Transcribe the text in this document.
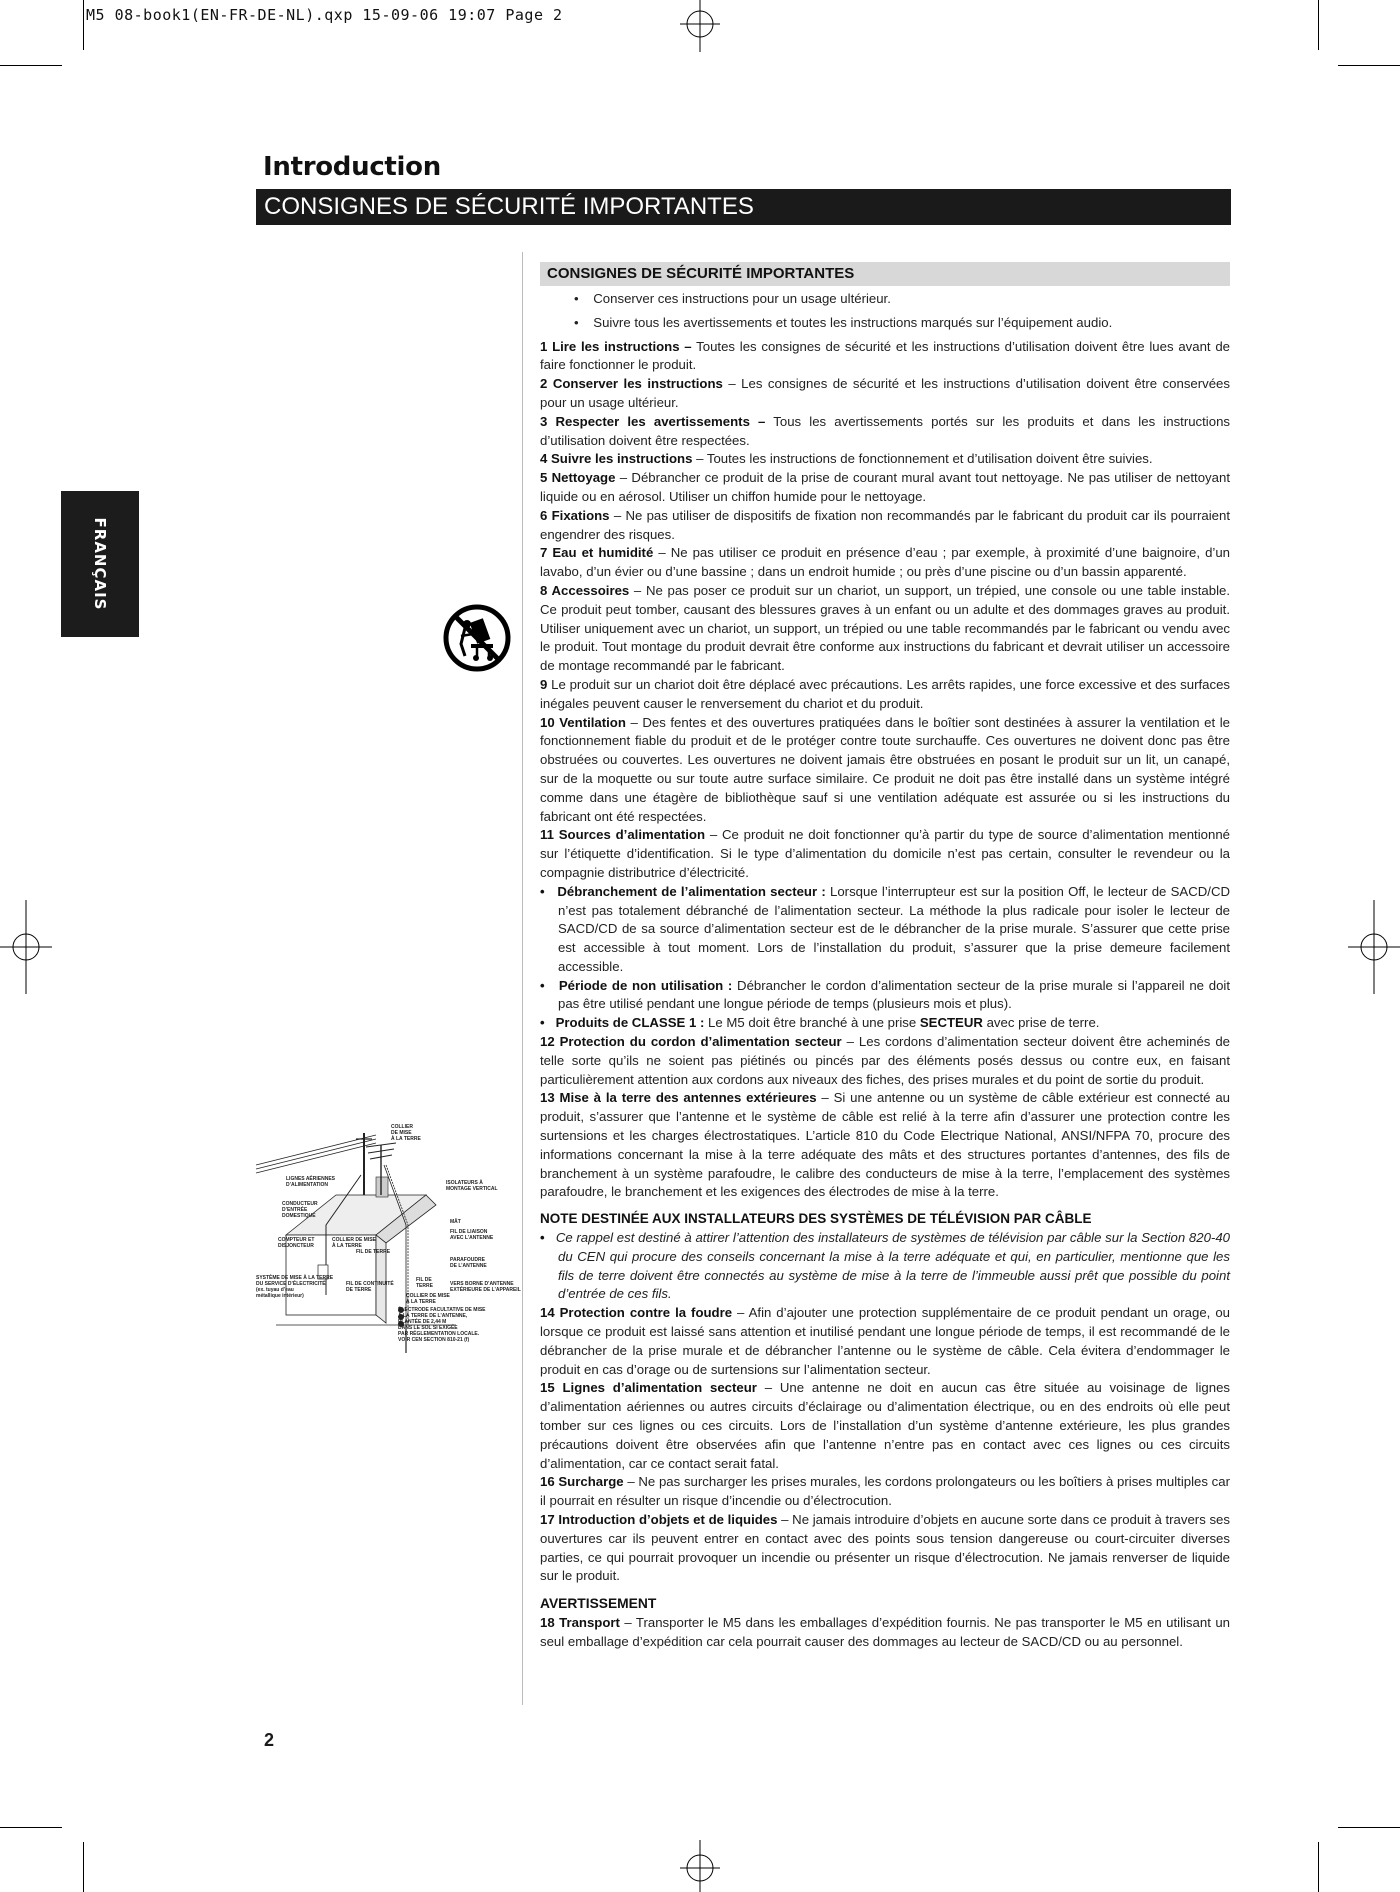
M5 08-book1(EN-FR-DE-NL).qxp 15-09-06 19:07 Page 2
Introduction
CONSIGNES DE SÉCURITÉ IMPORTANTES
FRANÇAIS
COLLIER
DE MISE
À LA TERRE
LIGNES AÉRIENNES
D’ALIMENTATION	ISOLATEURS À
MONTAGE VERTICAL
CONDUCTEUR
D’ENTRÉE
DOMESTIQUE
MÂT
FIL DE LIAISON
AVEC L’ANTENNE
COMPTEUR ET
DISJONCTEUR
COLLIER DE MISE
À LA TERRE
FIL DE TERRE
PARAFOUDRE
DE L’ANTENNE
SYSTÈME DE MISE À LA TERRE
DU SERVICE D’ÉLECTRICITÉ
(ex. tuyau d’eau
métallique intérieur)
FIL DE CONTINUITÉ
DE TERRE
FIL DE
TERRE	VERS BORNE D’ANTENNE
EXTÉRIEURE DE L’APPAREIL
COLLIER DE MISE
À LA TERRE
ÉLECTRODE FACULTATIVE DE MISE
À LA TERRE DE L’ANTENNE,
PLANTÉE DE 2,44 M
DANS LE SOL SI EXIGÉE
PAR RÉGLEMENTATION LOCALE.
VOIR CEN SECTION 810-21 (f)
CONSIGNES DE SÉCURITÉ IMPORTANTES

•    Conserver ces instructions pour un usage ultérieur.

•    Suivre tous les avertissements et toutes les instructions marqués sur l’équipement audio.

1 Lire les instructions – Toutes les consignes de sécurité et les instructions d’utilisation doivent être lues avant de faire fonctionner le produit.

2 Conserver les instructions – Les consignes de sécurité et les instructions d’utilisation doivent être conservées pour un usage ultérieur.

3 Respecter les avertissements – Tous les avertissements portés sur les produits et dans les instructions d’utilisation doivent être respectées.

4 Suivre les instructions – Toutes les instructions de fonctionnement et d’utilisation doivent être suivies.

5 Nettoyage – Débrancher ce produit de la prise de courant mural avant tout nettoyage. Ne pas utiliser de nettoyant liquide ou en aérosol. Utiliser un chiffon humide pour le nettoyage.

6 Fixations – Ne pas utiliser de dispositifs de fixation non recommandés par le fabricant du produit car ils pourraient engendrer des risques.

7 Eau et humidité – Ne pas utiliser ce produit en présence d’eau ; par exemple, à proximité d’une baignoire, d’un lavabo, d’un évier ou d’une bassine ; dans un endroit humide ; ou près d’une piscine ou d’un bassin apparenté.

8 Accessoires – Ne pas poser ce produit sur un chariot, un support, un trépied, une console ou une table instable. Ce produit peut tomber, causant des blessures graves à un enfant ou un adulte et des dommages graves au produit. Utiliser uniquement avec un chariot, un support, un trépied ou une table recommandés par le fabricant ou vendu avec le produit. Tout montage du produit devrait être conforme aux instructions du fabricant et devrait utiliser un accessoire de montage recommandé par le fabricant.

9 Le produit sur un chariot doit être déplacé avec précautions. Les arrêts rapides, une force excessive et des surfaces inégales peuvent causer le renversement du chariot et du produit.

10 Ventilation – Des fentes et des ouvertures pratiquées dans le boîtier sont destinées à assurer la ventilation et le fonctionnement fiable du produit et de le protéger contre toute surchauffe. Ces ouvertures ne doivent donc pas être obstruées ou couvertes. Les ouvertures ne doivent jamais être obstruées en posant le produit sur un lit, un canapé, sur de la moquette ou sur toute autre surface similaire. Ce produit ne doit pas être installé dans un système intégré comme dans une étagère de bibliothèque sauf si une ventilation adéquate est assurée ou si les instructions du fabricant ont été respectées.

11 Sources d’alimentation – Ce produit ne doit fonctionner qu’à partir du type de source d’alimentation mentionné sur l’étiquette d’identification. Si le type d’alimentation du domicile n’est pas certain, consulter le revendeur ou la compagnie distributrice d’électricité.

•   Débranchement de l’alimentation secteur : Lorsque l’interrupteur est sur la position Off, le lecteur de SACD/CD n’est pas totalement débranché de l’alimentation secteur. La méthode la plus radicale pour isoler le lecteur de SACD/CD de sa source d’alimentation secteur est de le débrancher de la prise murale. S’assurer que cette prise est accessible à tout moment. Lors de l’installation du produit, s’assurer que la prise demeure facilement accessible.

•   Période de non utilisation : Débrancher le cordon d’alimentation secteur de la prise murale si l’appareil ne doit pas être utilisé pendant une longue période de temps (plusieurs mois et plus).

•   Produits de CLASSE 1 : Le M5 doit être branché à une prise SECTEUR avec prise de terre.

12 Protection du cordon d’alimentation secteur – Les cordons d’alimentation secteur doivent être acheminés de telle sorte qu’ils ne soient pas piétinés ou pincés par des éléments posés dessus ou contre eux, en faisant particulièrement attention aux cordons aux niveaux des fiches, des prises murales et du point de sortie du produit.

13 Mise à la terre des antennes extérieures – Si une antenne ou un système de câble extérieur est connecté au produit, s’assurer que l’antenne et le système de câble est relié à la terre afin d’assurer une protection contre les surtensions et les charges électrostatiques. L’article 810 du Code Electrique National, ANSI/NFPA 70, procure des informations concernant la mise à la terre adéquate des mâts et des structures portantes d’antennes, des fils de branchement à un système parafoudre, le calibre des conducteurs de mise à la terre, l’emplacement des systèmes parafoudre, le branchement et les exigences des électrodes de mise à la terre.

NOTE DESTINÉE AUX INSTALLATEURS DES SYSTÈMES DE TÉLÉVISION PAR CÂBLE

• Ce rappel est destiné à attirer l’attention des installateurs de systèmes de télévision par câble sur la Section 820-40 du CEN qui procure des conseils concernant la mise à la terre adéquate et qui, en particulier, mentionne que les fils de terre doivent être connectés au système de mise à la terre de l’immeuble aussi prêt que possible du point d’entrée de ces fils.

14 Protection contre la foudre – Afin d’ajouter une protection supplémentaire de ce produit pendant un orage, ou lorsque ce produit est laissé sans attention et inutilisé pendant une longue période de temps, il est recommandé de le débrancher de la prise murale et de débrancher l’antenne ou le système de câble. Cela évitera d’endommager le produit en cas d’orage ou de surtensions sur l’alimentation secteur.

15 Lignes d’alimentation secteur – Une antenne ne doit en aucun cas être située au voisinage de lignes d’alimentation aériennes ou autres circuits d’éclairage ou d’alimentation électrique, ou en des endroits où elle peut tomber sur ces lignes ou ces circuits. Lors de l’installation d’un système d’antenne extérieure, les plus grandes précautions doivent être observées afin que l’antenne n’entre pas en contact avec ces lignes ou ces circuits d’alimentation, car ce contact serait fatal.

16 Surcharge – Ne pas surcharger les prises murales, les cordons prolongateurs ou les boîtiers à prises multiples car il pourrait en résulter un risque d’incendie ou d’électrocution.

17 Introduction d’objets et de liquides – Ne jamais introduire d’objets en aucune sorte dans ce produit à travers ses ouvertures car ils peuvent entrer en contact avec des points sous tension dangereuse ou court-circuiter diverses parties, ce qui pourrait provoquer un incendie ou présenter un risque d’électrocution. Ne jamais renverser de liquide sur le produit.

AVERTISSEMENT

18 Transport – Transporter le M5 dans les emballages d’expédition fournis. Ne pas transporter le M5 en utilisant un seul emballage d’expédition car cela pourrait causer des dommages au lecteur de SACD/CD ou au personnel.

2
